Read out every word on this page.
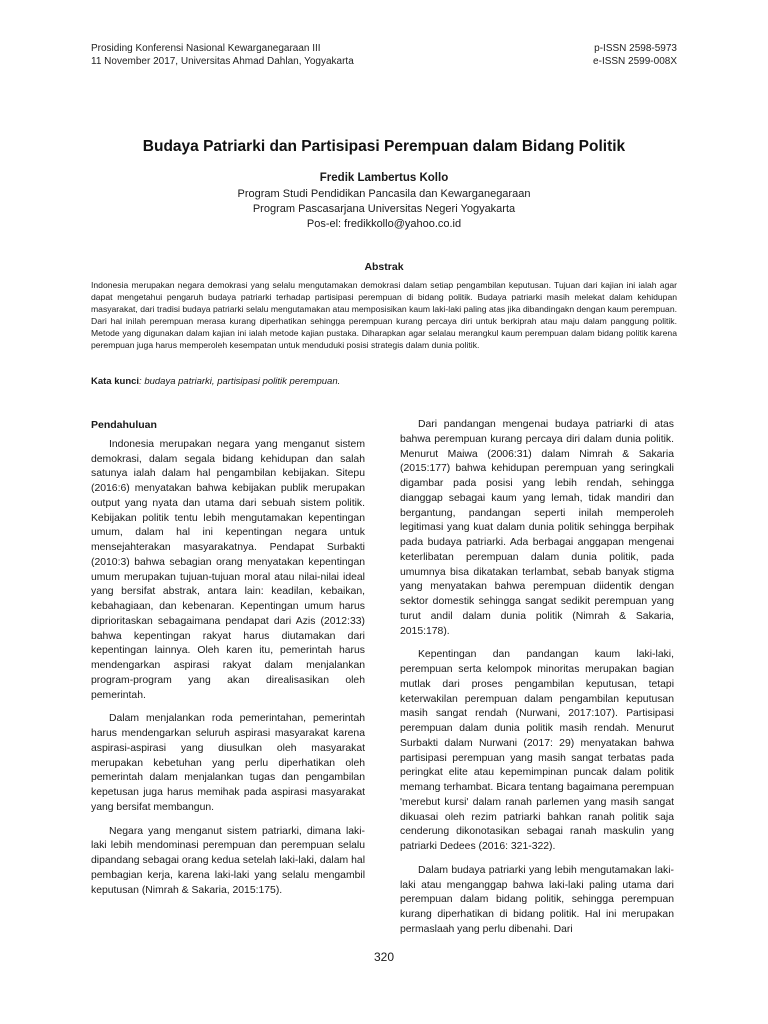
Prosiding Konferensi Nasional Kewarganegaraan III
11 November 2017, Universitas Ahmad Dahlan, Yogyakarta
p-ISSN 2598-5973
e-ISSN 2599-008X
Budaya Patriarki dan Partisipasi Perempuan dalam Bidang Politik
Fredik Lambertus Kollo
Program Studi Pendidikan Pancasila dan Kewarganegaraan
Program Pascasarjana Universitas Negeri Yogyakarta
Pos-el: fredikkollo@yahoo.co.id
Abstrak
Indonesia merupakan negara demokrasi yang selalu mengutamakan demokrasi dalam setiap pengambilan keputusan. Tujuan dari kajian ini ialah agar dapat mengetahui pengaruh budaya patriarki terhadap partisipasi perempuan di bidang politik. Budaya patriarki masih melekat dalam kehidupan masyarakat, dari tradisi budaya patriarki selalu mengutamakan atau memposisikan kaum laki-laki paling atas jika dibandingakn dengan kaum perempuan. Dari hal inilah perempuan merasa kurang diperhatikan sehingga perempuan kurang percaya diri untuk berkiprah atau maju dalam panggung politik. Metode yang digunakan dalam kajian ini ialah metode kajian pustaka. Diharapkan agar selalau merangkul kaum perempuan dalam bidang politik karena perempuan juga harus memperoleh kesempatan untuk menduduki posisi strategis dalam dunia politik.
Kata kunci: budaya patriarki, partisipasi politik perempuan.

Pendahuluan

Indonesia merupakan negara yang menganut sistem demokrasi, dalam segala bidang kehidupan dan salah satunya ialah dalam hal pengambilan kebijakan. Sitepu (2016:6) menyatakan bahwa kebijakan publik merupakan output yang nyata dan utama dari sebuah sistem politik. Kebijakan politik tentu lebih mengutamakan kepentingan umum, dalam hal ini kepentingan negara untuk mensejahterakan masyarakatnya. Pendapat Surbakti (2010:3) bahwa sebagian orang menyatakan kepentingan umum merupakan tujuan-tujuan moral atau nilai-nilai ideal yang bersifat abstrak, antara lain: keadilan, kebaikan, kebahagiaan, dan kebenaran. Kepentingan umum harus diprioritaskan sebagaimana pendapat dari Azis (2012:33) bahwa kepentingan rakyat harus diutamakan dari kepentingan lainnya. Oleh karen itu, pemerintah harus mendengarkan aspirasi rakyat dalam menjalankan program-program yang akan direalisasikan oleh pemerintah.

Dalam menjalankan roda pemerintahan, pemerintah harus mendengarkan seluruh aspirasi masyarakat karena aspirasi-aspirasi yang diusulkan oleh masyarakat merupakan kebetuhan yang perlu diperhatikan oleh pemerintah dalam menjalankan tugas dan pengambilan kepetusan juga harus memihak pada aspirasi masyarakat yang bersifat membangun.

Negara yang menganut sistem patriarki, dimana laki-laki lebih mendominasi perempuan dan perempuan selalu dipandang sebagai orang kedua setelah laki-laki, dalam hal pembagian kerja, karena laki-laki yang selalu mengambil keputusan (Nimrah & Sakaria, 2015:175).

Dari pandangan mengenai budaya patriarki di atas bahwa perempuan kurang percaya diri dalam dunia politik. Menurut Maiwa (2006:31) dalam Nimrah & Sakaria (2015:177) bahwa kehidupan perempuan yang seringkali digambar pada posisi yang lebih rendah, sehingga dianggap sebagai kaum yang lemah, tidak mandiri dan bergantung, pandangan seperti inilah memperoleh legitimasi yang kuat dalam dunia politik sehingga berpihak pada budaya patriarki. Ada berbagai anggapan mengenai keterlibatan perempuan dalam dunia politik, pada umumnya bisa dikatakan terlambat, sebab banyak stigma yang menyatakan bahwa perempuan diidentik dengan sektor domestik sehingga sangat sedikit perempuan yang turut andil dalam dunia politik (Nimrah & Sakaria, 2015:178).

Kepentingan dan pandangan kaum laki-laki, perempuan serta kelompok minoritas merupakan bagian mutlak dari proses pengambilan keputusan, tetapi keterwakilan perempuan dalam pengambilan keputusan masih sangat rendah (Nurwani, 2017:107). Partisipasi perempuan dalam dunia politik masih rendah. Menurut Surbakti dalam Nurwani (2017: 29) menyatakan bahwa partisipasi perempuan yang masih sangat terbatas pada peringkat elite atau kepemimpinan puncak dalam politik memang terhambat. Bicara tentang bagaimana perempuan 'merebut kursi' dalam ranah parlemen yang masih sangat dikuasai oleh rezim patriarki bahkan ranah politik saja cenderung dikonotasikan sebagai ranah maskulin yang patriarki Dedees (2016: 321-322).

Dalam budaya patriarki yang lebih mengutamakan laki-laki atau menganggap bahwa laki-laki paling utama dari perempuan dalam bidang politik, sehingga perempuan kurang diperhatikan di bidang politik. Hal ini merupakan permaslaah yang perlu dibenahi. Dari

320
